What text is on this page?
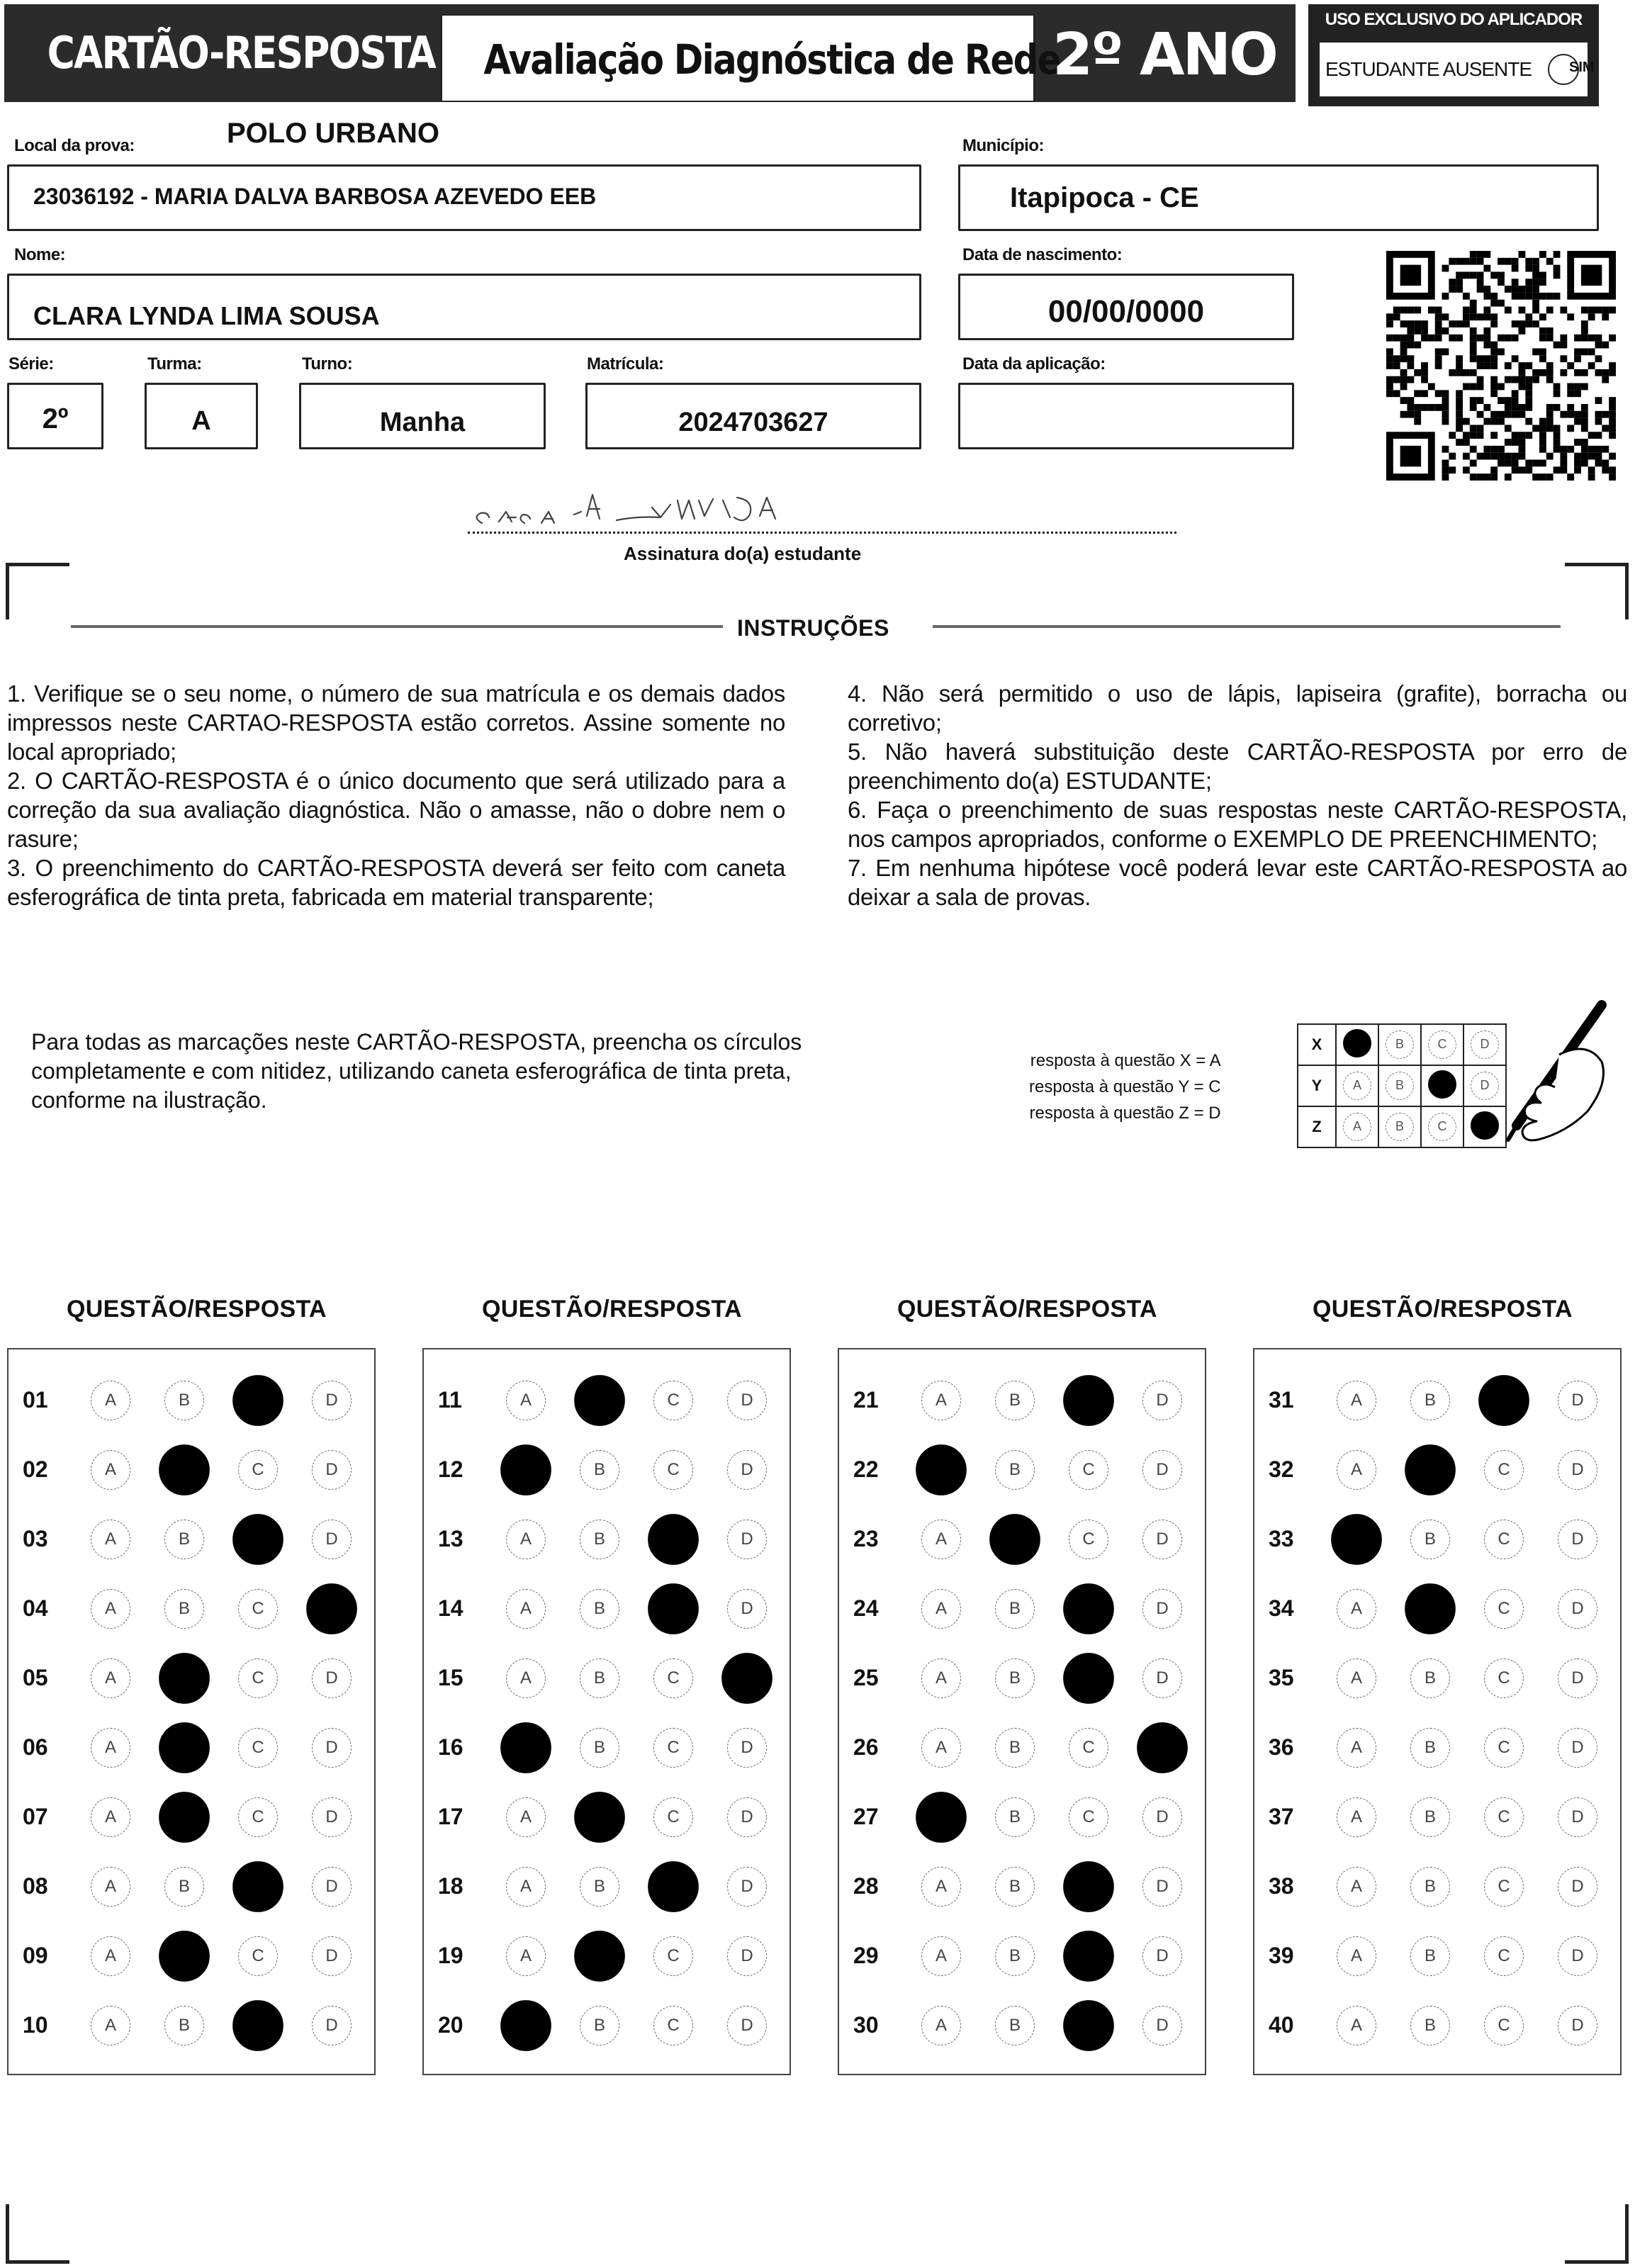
CARTÃO-RESPOSTA Avaliação Diagnóstica de Rede
2º ANO
USO EXCLUSIVO DO APLICADOR
ESTUDANTE AUSENTE	SIM
Local da prova:	POLO URBANO
23036192 - MARIA DALVA BARBOSA AZEVEDO EEB
Município:
Itapipoca - CE
Nome:
CLARA LYNDA LIMA SOUSA
Data de nascimento:
00/00/0000
Série:
2º
Turma:
A
Turno:
Manha
Matrícula:
2024703627
Data da aplicação:
Assinatura do(a) estudante
INSTRUÇÕES

1. Verifique se o seu nome, o número de sua matrícula e os demais dados impressos neste CARTAO-RESPOSTA estão corretos. Assine somente no local apropriado;

2. O CARTÃO-RESPOSTA é o único documento que será utilizado para a correção da sua avaliação diagnóstica. Não o amasse, não o dobre nem o rasure;

3. O preenchimento do CARTÃO-RESPOSTA deverá ser feito com caneta esferográfica de tinta preta, fabricada em material transparente;

4. Não será permitido o uso de lápis, lapiseira (grafite), borracha ou corretivo;

5. Não haverá substituição deste CARTÃO-RESPOSTA por erro de preenchimento do(a) ESTUDANTE;

6. Faça o preenchimento de suas respostas neste CARTÃO-RESPOSTA, nos campos apropriados, conforme o EXEMPLO DE PREENCHIMENTO;

7. Em nenhuma hipótese você poderá levar este CARTÃO-RESPOSTA ao deixar a sala de provas.

Para todas as marcações neste CARTÃO-RESPOSTA, preencha os círculos completamente e com nitidez, utilizando caneta esferográfica de tinta preta, conforme na ilustração.
resposta à questão X = A
resposta à questão Y = C
resposta à questão Z = D
X		B	C	D
Y	A	B		D
Z	A	B	C	
QUESTÃO/RESPOSTA
01	A	B	C	D
02	A	B	C	D
03	A	B	C	D
04	A	B	C	D
05	A	B	C	D
06	A	B	C	D
07	A	B	C	D
08	A	B	C	D
09	A	B	C	D
10	A	B	C	D
QUESTÃO/RESPOSTA
11	A	B	C	D
12	A	B	C	D
13	A	B	C	D
14	A	B	C	D
15	A	B	C	D
16	A	B	C	D
17	A	B	C	D
18	A	B	C	D
19	A	B	C	D
20	A	B	C	D
QUESTÃO/RESPOSTA
21	A	B	C	D
22	A	B	C	D
23	A	B	C	D
24	A	B	C	D
25	A	B	C	D
26	A	B	C	D
27	A	B	C	D
28	A	B	C	D
29	A	B	C	D
30	A	B	C	D
QUESTÃO/RESPOSTA
31	A	B	C	D
32	A	B	C	D
33	A	B	C	D
34	A	B	C	D
35	A	B	C	D
36	A	B	C	D
37	A	B	C	D
38	A	B	C	D
39	A	B	C	D
40	A	B	C	D
